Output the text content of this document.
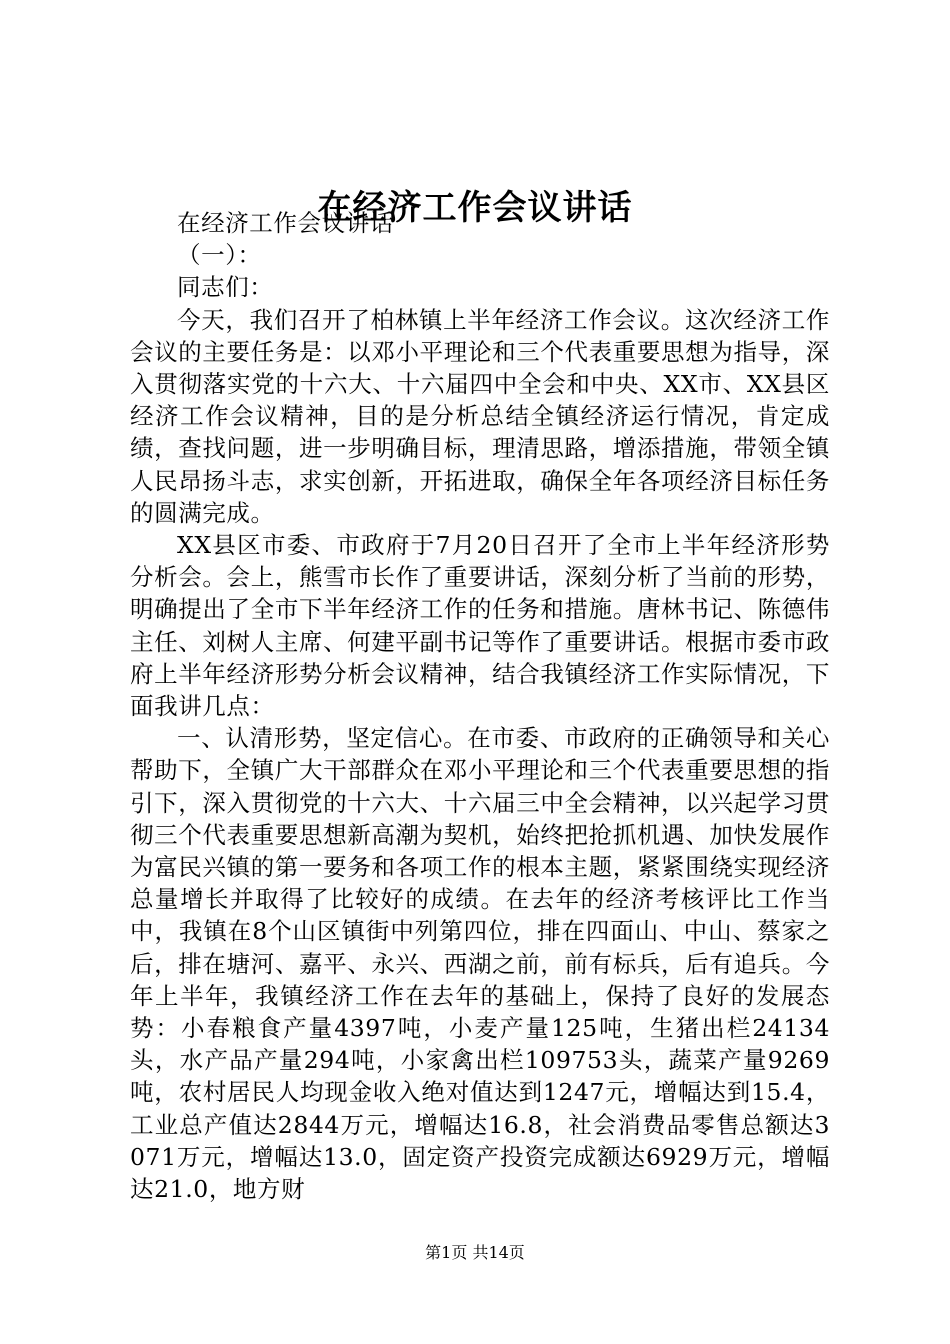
在经济工作会议讲话

在经济工作会议讲话

（一）：

同志们：

今天，我们召开了柏林镇上半年经济工作会议。这次经济工作会议的主要任务是：以邓小平理论和三个代表重要思想为指导，深入贯彻落实党的十六大、十六届四中全会和中央、XX市、XX县区经济工作会议精神，目的是分析总结全镇经济运行情况，肯定成绩，查找问题，进一步明确目标，理清思路，增添措施，带领全镇人民昂扬斗志，求实创新，开拓进取，确保全年各项经济目标任务的圆满完成。

XX县区市委、市政府于7月20日召开了全市上半年经济形势分析会。会上，熊雪市长作了重要讲话，深刻分析了当前的形势，明确提出了全市下半年经济工作的任务和措施。唐林书记、陈德伟主任、刘树人主席、何建平副书记等作了重要讲话。根据市委市政府上半年经济形势分析会议精神，结合我镇经济工作实际情况，下面我讲几点：

一、认清形势，坚定信心。在市委、市政府的正确领导和关心帮助下，全镇广大干部群众在邓小平理论和三个代表重要思想的指引下，深入贯彻党的十六大、十六届三中全会精神，以兴起学习贯彻三个代表重要思想新高潮为契机，始终把抢抓机遇、加快发展作为富民兴镇的第一要务和各项工作的根本主题，紧紧围绕实现经济总量增长并取得了比较好的成绩。在去年的经济考核评比工作当中，我镇在8个山区镇街中列第四位，排在四面山、中山、蔡家之后，排在塘河、嘉平、永兴、西湖之前，前有标兵，后有追兵。今年上半年，我镇经济工作在去年的基础上，保持了良好的发展态势：小春粮食产量4397吨，小麦产量125吨，生猪出栏24134头，水产品产量294吨，小家禽出栏109753头，蔬菜产量9269吨，农村居民人均现金收入绝对值达到1247元，增幅达到15.4，工业总产值达2844万元，增幅达16.8，社会消费品零售总额达3071万元，增幅达13.0，固定资产投资完成额达6929万元，增幅达21.0，地方财

第1页 共14页
